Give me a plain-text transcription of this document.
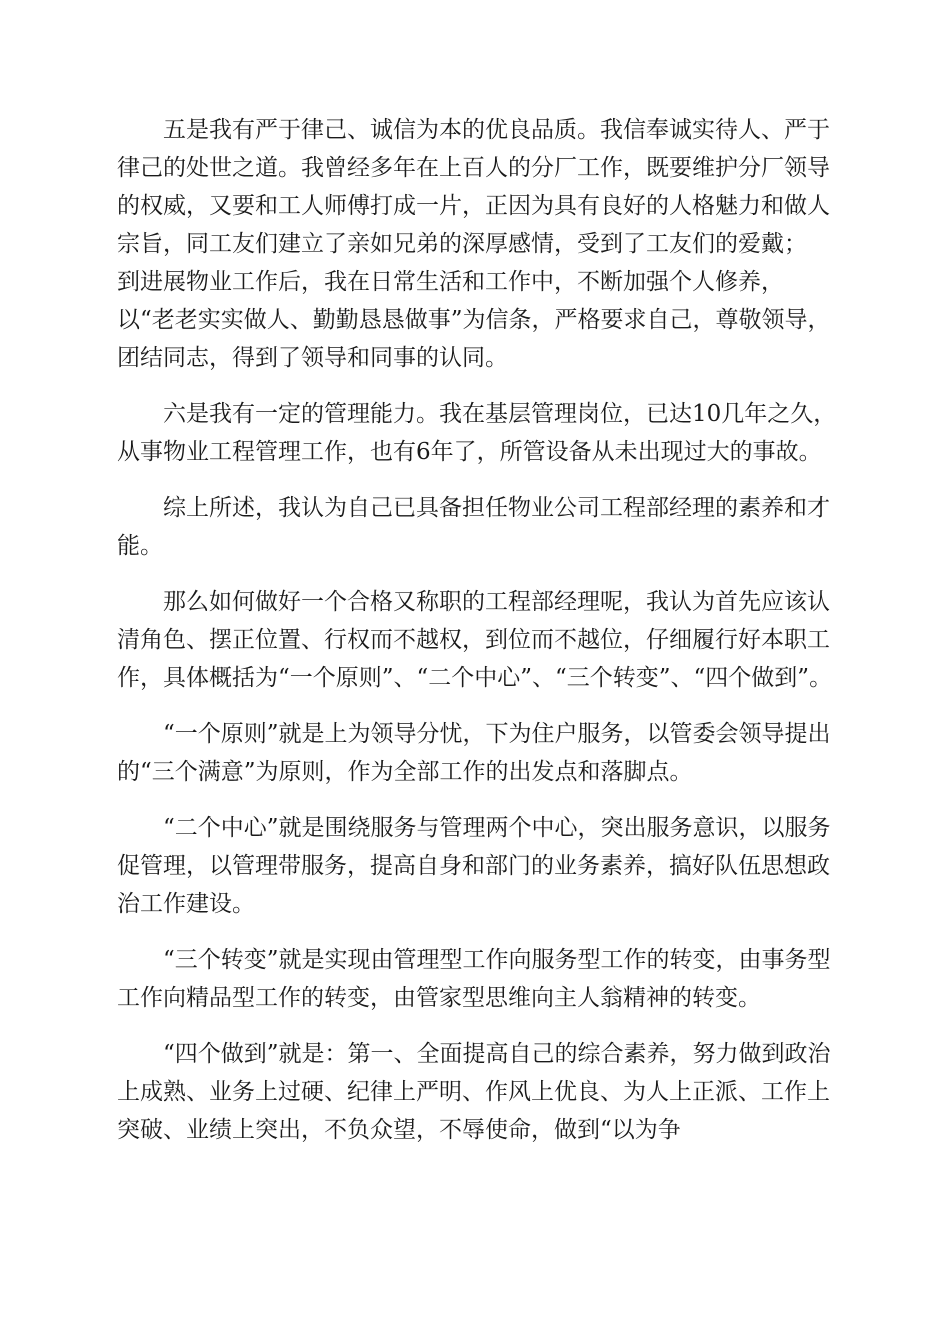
五是我有严于律己、诚信为本的优良品质。我信奉诚实待人、严于律己的处世之道。我曾经多年在上百人的分厂工作，既要维护分厂领导的权威，又要和工人师傅打成一片，正因为具有良好的人格魅力和做人宗旨，同工友们建立了亲如兄弟的深厚感情，受到了工友们的爱戴； 到进展物业工作后，我在日常生活和工作中，不断加强个人修养，以“老老实实做人、勤勤恳恳做事”为信条，严格要求自己，尊敬领导，团结同志，得到了领导和同事的认同。

六是我有一定的管理能力。我在基层管理岗位，已达10几年之久，从事物业工程管理工作，也有6年了，所管设备从未出现过大的事故。

综上所述，我认为自己已具备担任物业公司工程部经理的素养和才能。

那么如何做好一个合格又称职的工程部经理呢，我认为首先应该认清角色、摆正位置、行权而不越权，到位而不越位，仔细履行好本职工作，具体概括为“一个原则”、“二个中心”、“三个转变”、“四个做到”。

“一个原则”就是上为领导分忧，下为住户服务，以管委会领导提出的“三个满意”为原则，作为全部工作的出发点和落脚点。

“二个中心”就是围绕服务与管理两个中心，突出服务意识，以服务促管理，以管理带服务，提高自身和部门的业务素养，搞好队伍思想政治工作建设。

“三个转变”就是实现由管理型工作向服务型工作的转变，由事务型工作向精品型工作的转变，由管家型思维向主人翁精神的转变。

“四个做到”就是：第一、全面提高自己的综合素养，努力做到政治上成熟、业务上过硬、纪律上严明、作风上优良、为人上正派、工作上突破、业绩上突出，不负众望，不辱使命，做到“以为争
